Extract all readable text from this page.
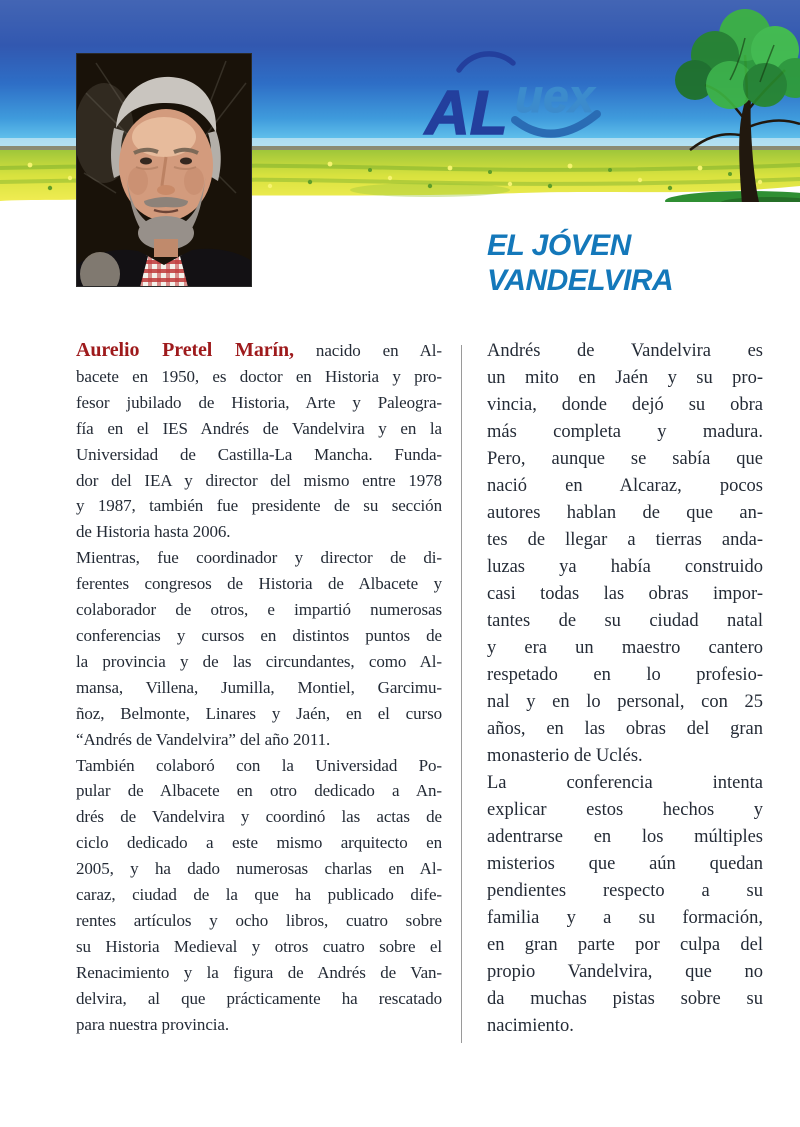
AL uex
EL JÓVEN
VANDELVIRA
Aurelio Pretel Marín, nacido en Al-
bacete en 1950, es doctor en Historia y pro-
fesor jubilado de Historia, Arte y Paleogra-
fía en el IES Andrés de Vandelvira y en la
Universidad de Castilla-La Mancha. Funda-
dor del IEA y director del mismo entre 1978
y 1987, también fue presidente de su sección
de Historia hasta 2006.
Mientras, fue coordinador y director de di-
ferentes congresos de Historia de Albacete y
colaborador de otros, e impartió numerosas
conferencias y cursos en distintos puntos de
la provincia y de las circundantes, como Al-
mansa, Villena, Jumilla, Montiel, Garcimu-
ñoz, Belmonte, Linares y Jaén, en el curso
“Andrés de Vandelvira” del año 2011.
También colaboró con la Universidad Po-
pular de Albacete en otro dedicado a An-
drés de Vandelvira y coordinó las actas de
ciclo dedicado a este mismo arquitecto en
2005, y ha dado numerosas charlas en Al-
caraz, ciudad de la que ha publicado dife-
rentes artículos y ocho libros, cuatro sobre
su Historia Medieval y otros cuatro sobre el
Renacimiento y la figura de Andrés de Van-
delvira, al que prácticamente ha rescatado
para nuestra provincia.
Andrés de Vandelvira es
un mito en Jaén y su pro-
vincia, donde dejó su obra
más completa y madura.
Pero, aunque se sabía que
nació en Alcaraz, pocos
autores hablan de que an-
tes de llegar a tierras anda-
luzas ya había construido
casi todas las obras impor-
tantes de su ciudad natal
y era un maestro cantero
respetado en lo profesio-
nal y en lo personal, con 25
años, en las obras del gran
monasterio de Uclés.
La conferencia intenta
explicar estos hechos y
adentrarse en los múltiples
misterios que aún quedan
pendientes respecto a su
familia y a su formación,
en gran parte por culpa del
propio Vandelvira, que no
da muchas pistas sobre su
nacimiento.
